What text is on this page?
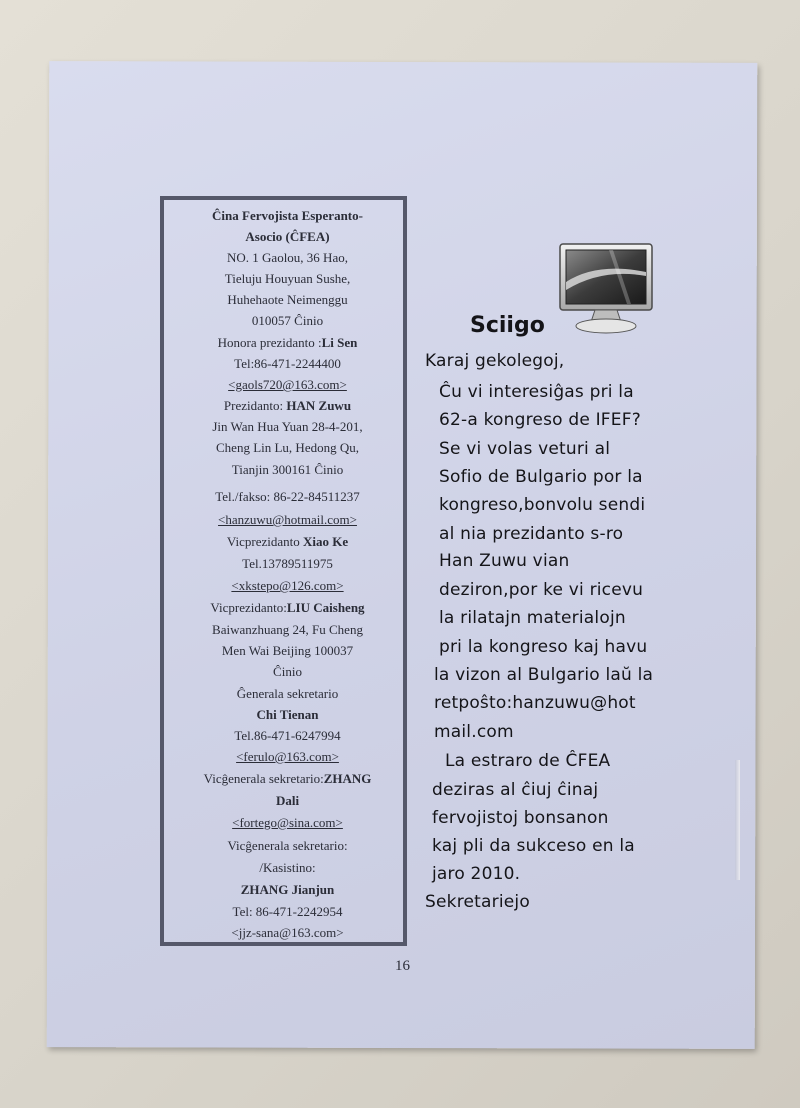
Ĉina Fervojista Esperanto-
Asocio (ĈFEA)
NO. 1 Gaolou, 36 Hao,
Tieluju Houyuan Sushe,
Huhehaote Neimenggu
010057 Ĉinio
Honora prezidanto :Li Sen
Tel:86-471-2244400
<gaols720@163.com>
Prezidanto: HAN Zuwu
Jin Wan Hua Yuan 28-4-201,
Cheng Lin Lu, Hedong Qu,
Tianjin 300161 Ĉinio
Tel./fakso: 86-22-84511237
<hanzuwu@hotmail.com>
Vicprezidanto Xiao Ke
Tel.13789511975
<xkstepo@126.com>
Vicprezidanto:LIU Caisheng
Baiwanzhuang 24, Fu Cheng
Men Wai Beijing 100037
Ĉinio
Ĝenerala sekretario
Chi Tienan
Tel.86-471-6247994
<ferulo@163.com>
Vicĝenerala sekretario:ZHANG
Dali
<fortego@sina.com>
Vicĝenerala sekretario:
/Kasistino:
ZHANG Jianjun
Tel: 86-471-2242954
<jjz-sana@163.com>
Sciigo
Karaj gekolegoj,
Ĉu vi interesiĝas pri la
62-a kongreso de IFEF?
Se vi volas veturi al
Sofio de Bulgario por la
kongreso,bonvolu sendi
al nia prezidanto s-ro
Han Zuwu vian
deziron,por ke vi ricevu
la rilatajn materialojn
pri la kongreso kaj havu
la vizon al Bulgario laŭ la
retpoŝto:hanzuwu@hot
mail.com
La estraro de ĈFEA
deziras al ĉiuj ĉinaj
fervojistoj bonsanon
kaj pli da sukceso en la
jaro 2010.
Sekretariejo
16
